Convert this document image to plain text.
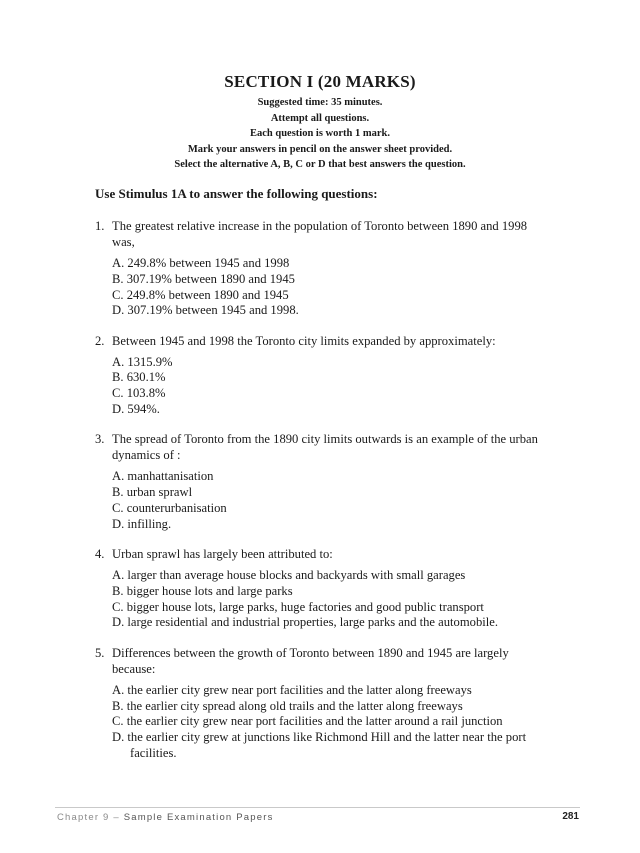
SECTION I (20 MARKS)
Suggested time: 35 minutes.
Attempt all questions.
Each question is worth 1 mark.
Mark your answers in pencil on the answer sheet provided.
Select the alternative A, B, C or D that best answers the question.
Use Stimulus 1A to answer the following questions:
1. The greatest relative increase in the population of Toronto between 1890 and 1998 was,
A. 249.8% between 1945 and 1998
B. 307.19% between 1890 and 1945
C. 249.8% between 1890 and 1945
D. 307.19% between 1945 and 1998.
2. Between 1945 and 1998 the Toronto city limits expanded by approximately:
A. 1315.9%
B. 630.1%
C. 103.8%
D. 594%.
3. The spread of Toronto from the 1890 city limits outwards is an example of the urban dynamics of :
A. manhattanisation
B. urban sprawl
C. counterurbanisation
D. infilling.
4. Urban sprawl has largely been attributed to:
A. larger than average house blocks and backyards with small garages
B. bigger house lots and large parks
C. bigger house lots, large parks, huge factories and good public transport
D. large residential and industrial properties, large parks and the automobile.
5. Differences between the growth of Toronto between 1890 and 1945 are largely because:
A. the earlier city grew near port facilities and the latter along freeways
B. the earlier city spread along old trails and the latter along freeways
C. the earlier city grew near port facilities and the latter around a rail junction
D. the earlier city grew at junctions like Richmond Hill and the latter near the port facilities.
Chapter 9 – Sample Examination Papers	281
